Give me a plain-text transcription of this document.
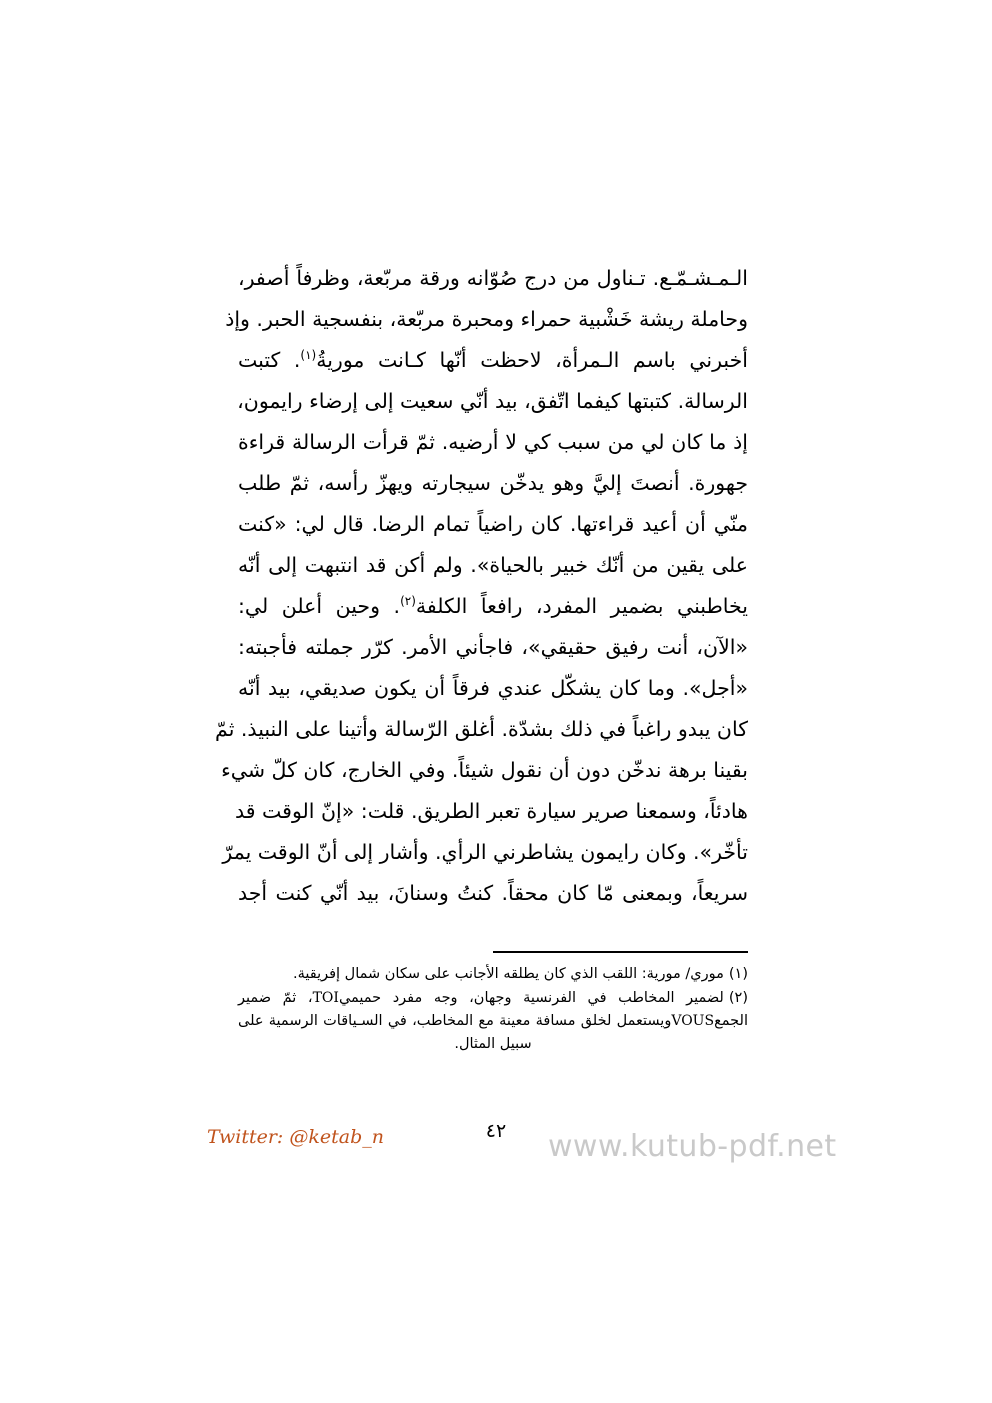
الـمـشـمّـع. تـناول من درج صُوّانه ورقة مربّعة، وظرفاً أصفر،
وحاملة ريشة خَشْبية حمراء ومحبرة مربّعة، بنفسجية الحبر. وإذ
أخبرني باسم الـمرأة، لاحظت أنّها كـانت موريةُ$^{(١)}$. كتبت
الرسالة. كتبتها كيفما اتّفق، بيد أنّي سعيت إلى إرضاء رايمون،
إذ ما كان لي من سبب كي لا أرضيه. ثمّ قرأت الرسالة قراءة
جهورة. أنصتَ إليَّ وهو يدخّن سيجارته ويهزّ رأسه، ثمّ طلب
منّي أن أعيد قراءتها. كان راضياً تمام الرضا. قال لي: «كنت
على يقين من أنّك خبير بالحياة». ولم أكن قد انتبهت إلى أنّه
يخاطبني بضمير المفرد، رافعاً الكلفة$^{(٢)}$. وحين أعلن لي:
«الآن، أنت رفيق حقيقي»، فاجأني الأمر. كرّر جملته فأجبته:
«أجل». وما كان يشكّل عندي فرقاً أن يكون صديقي، بيد أنّه
كان يبدو راغباً في ذلك بشدّة. أغلق الرّسالة وأتينا على النبيذ. ثمّ
بقينا برهة ندخّن دون أن نقول شيئاً. وفي الخارج، كان كلّ شيء
هادئاً، وسمعنا صرير سيارة تعبر الطريق. قلت: «إنّ الوقت قد
تأخّر». وكان رايمون يشاطرني الرأي. وأشار إلى أنّ الوقت يمرّ
سريعاً، وبمعنى مّا كان محقاً. كنتُ وسنانَ، بيد أنّي كنت أجد
(١)موري/ مورية: اللقب الذي كان يطلقه الأجانب على سكان شمال إفريقية.
(٢)لضمير المخاطب في الفرنسية وجهان، وجه مفرد حميميTOI، ثمّ ضمير الجمعVOUSويستعمل لخلق مسافة معينة مع المخاطب، في السـياقات الرسمية على سبيل المثال.
Twitter: @ketab_n	٤٢	www.kutub-pdf.net
